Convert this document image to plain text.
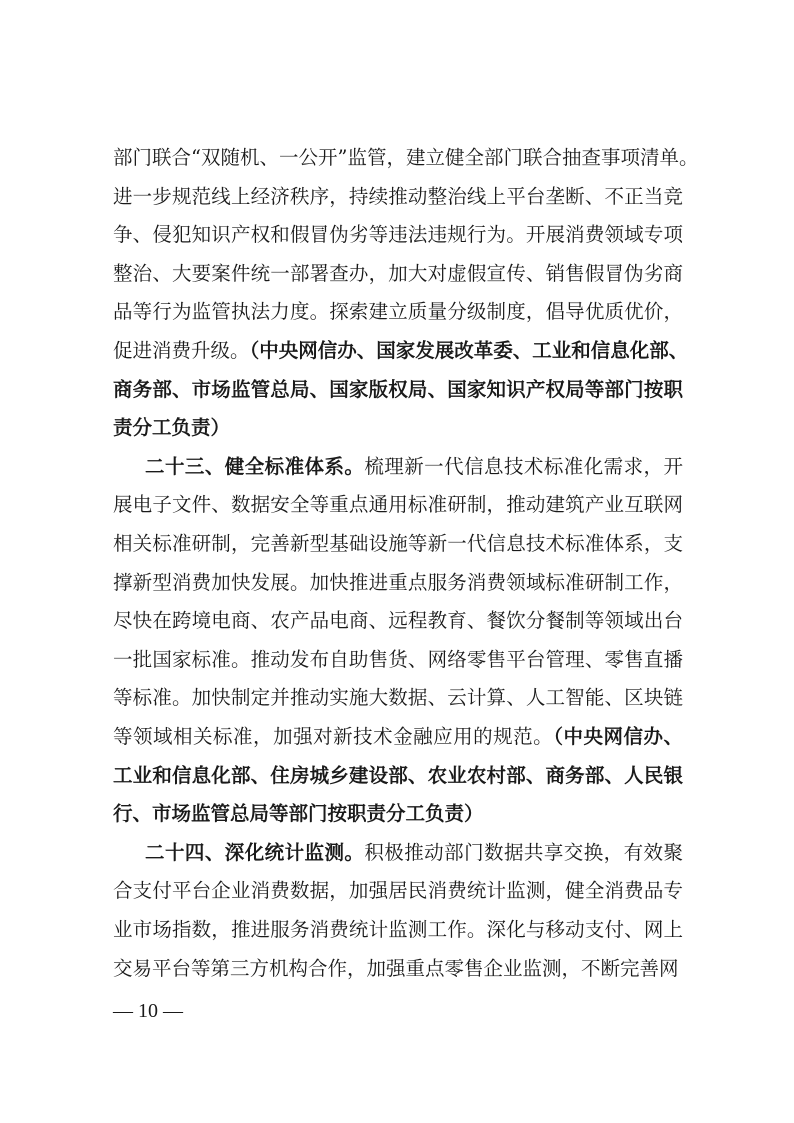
部门联合“双随机、一公开”监管，建立健全部门联合抽查事项清单。
进一步规范线上经济秩序，持续推动整治线上平台垄断、不正当竞
争、侵犯知识产权和假冒伪劣等违法违规行为。开展消费领域专项
整治、大要案件统一部署查办，加大对虚假宣传、销售假冒伪劣商
品等行为监管执法力度。探索建立质量分级制度，倡导优质优价，
促进消费升级。（中央网信办、国家发展改革委、工业和信息化部、
商务部、市场监管总局、国家版权局、国家知识产权局等部门按职
责分工负责）
二十三、健全标准体系。梳理新一代信息技术标准化需求，开
展电子文件、数据安全等重点通用标准研制，推动建筑产业互联网
相关标准研制，完善新型基础设施等新一代信息技术标准体系，支
撑新型消费加快发展。加快推进重点服务消费领域标准研制工作，
尽快在跨境电商、农产品电商、远程教育、餐饮分餐制等领域出台
一批国家标准。推动发布自助售货、网络零售平台管理、零售直播
等标准。加快制定并推动实施大数据、云计算、人工智能、区块链
等领域相关标准，加强对新技术金融应用的规范。（中央网信办、
工业和信息化部、住房城乡建设部、农业农村部、商务部、人民银
行、市场监管总局等部门按职责分工负责）
二十四、深化统计监测。积极推动部门数据共享交换，有效聚
合支付平台企业消费数据，加强居民消费统计监测，健全消费品专
业市场指数，推进服务消费统计监测工作。深化与移动支付、网上
交易平台等第三方机构合作，加强重点零售企业监测，不断完善网
— 10 —
